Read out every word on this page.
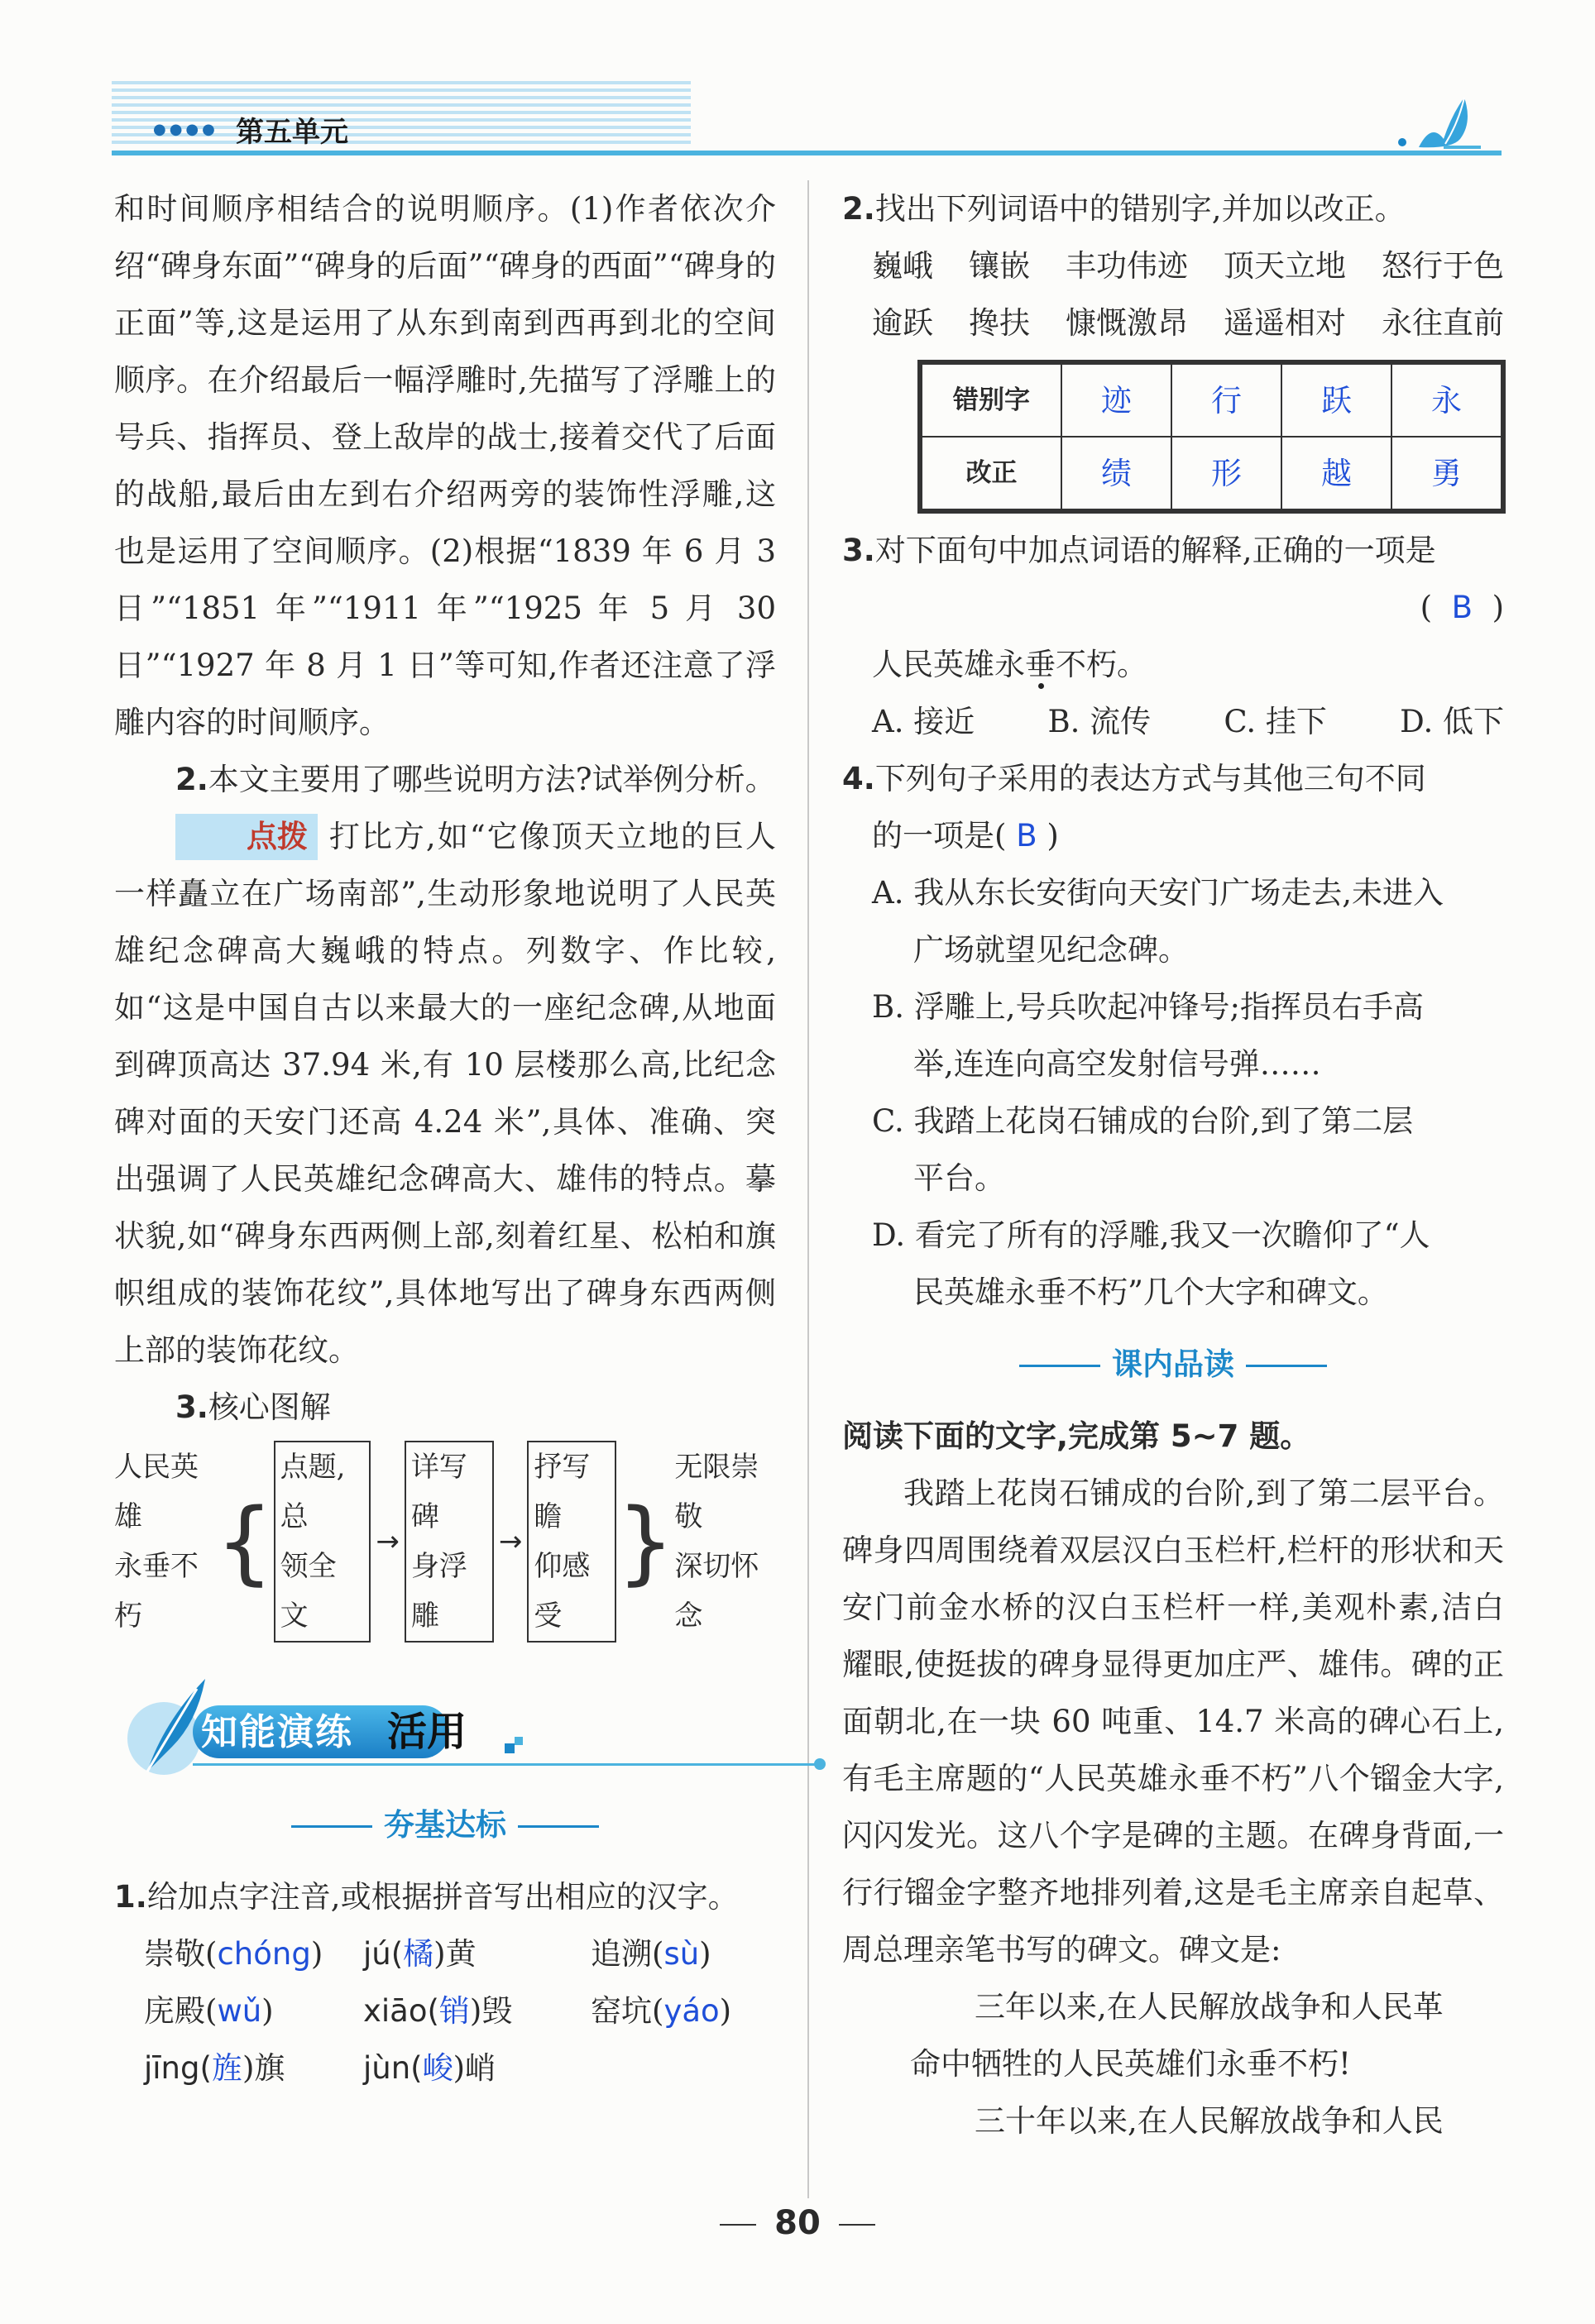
●●●● 第五单元

和时间顺序相结合的说明顺序。(1)作者依次介绍“碑身东面”“碑身的后面”“碑身的西面”“碑身的正面”等,这是运用了从东到南到西再到北的空间顺序。在介绍最后一幅浮雕时,先描写了浮雕上的号兵、指挥员、登上敌岸的战士,接着交代了后面的战船,最后由左到右介绍两旁的装饰性浮雕,这也是运用了空间顺序。(2)根据“1839 年 6 月 3 日”“1851 年”“1911 年”“1925 年 5 月 30 日”“1927 年 8 月 1 日”等可知,作者还注意了浮雕内容的时间顺序。

2.本文主要用了哪些说明方法?试举例分析。

点拨 打比方,如“它像顶天立地的巨人一样矗立在广场南部”,生动形象地说明了人民英雄纪念碑高大巍峨的特点。列数字、作比较,如“这是中国自古以来最大的一座纪念碑,从地面到碑顶高达 37.94 米,有 10 层楼那么高,比纪念碑对面的天安门还高 4.24 米”,具体、准确、突出强调了人民英雄纪念碑高大、雄伟的特点。摹状貌,如“碑身东西两侧上部,刻着红星、松柏和旗帜组成的装饰花纹”,具体地写出了碑身东西两侧上部的装饰花纹。

3.核心图解

人民英雄
永垂不朽
{
点题,总
领全文
→
详写碑
身浮雕
→
抒写瞻
仰感受
}
无限崇敬
深切怀念
知能演练 活用
夯基达标

1.给加点字注音,或根据拼音写出相应的汉字。

崇敬(chóng)	jú(橘)黄	追溯(sù)
庑殿(wǔ)	xiāo(销)毁	窑坑(yáo)
jīng(旌)旗	jùn(峻)峭

2.找出下列词语中的错别字,并加以改正。

巍峨 镶嵌 丰功伟迹 顶天立地 怒行于色
逾跃 搀扶 慷慨激昂 遥遥相对 永往直前
错别字	迹	行	跃	永
改正	绩	形	越	勇

3.对下面句中加点词语的解释,正确的一项是

( B )

人民英雄永垂不朽。

A. 接近 B. 流传 C. 挂下 D. 低下

4.下列句子采用的表达方式与其他三句不同

的一项是( B )

A. 我从东长安街向天安门广场走去,未进入

广场就望见纪念碑。

B. 浮雕上,号兵吹起冲锋号;指挥员右手高

举,连连向高空发射信号弹……

C. 我踏上花岗石铺成的台阶,到了第二层

平台。

D. 看完了所有的浮雕,我又一次瞻仰了“人

民英雄永垂不朽”几个大字和碑文。

课内品读

阅读下面的文字,完成第 5~7 题。

我踏上花岗石铺成的台阶,到了第二层平台。碑身四周围绕着双层汉白玉栏杆,栏杆的形状和天安门前金水桥的汉白玉栏杆一样,美观朴素,洁白耀眼,使挺拔的碑身显得更加庄严、雄伟。碑的正面朝北,在一块 60 吨重、14.7 米高的碑心石上,有毛主席题的“人民英雄永垂不朽”八个镏金大字,闪闪发光。这八个字是碑的主题。在碑身背面,一行行镏金字整齐地排列着,这是毛主席亲自起草、周总理亲笔书写的碑文。碑文是:

三年以来,在人民解放战争和人民革

命中牺牲的人民英雄们永垂不朽!

三十年以来,在人民解放战争和人民

80
